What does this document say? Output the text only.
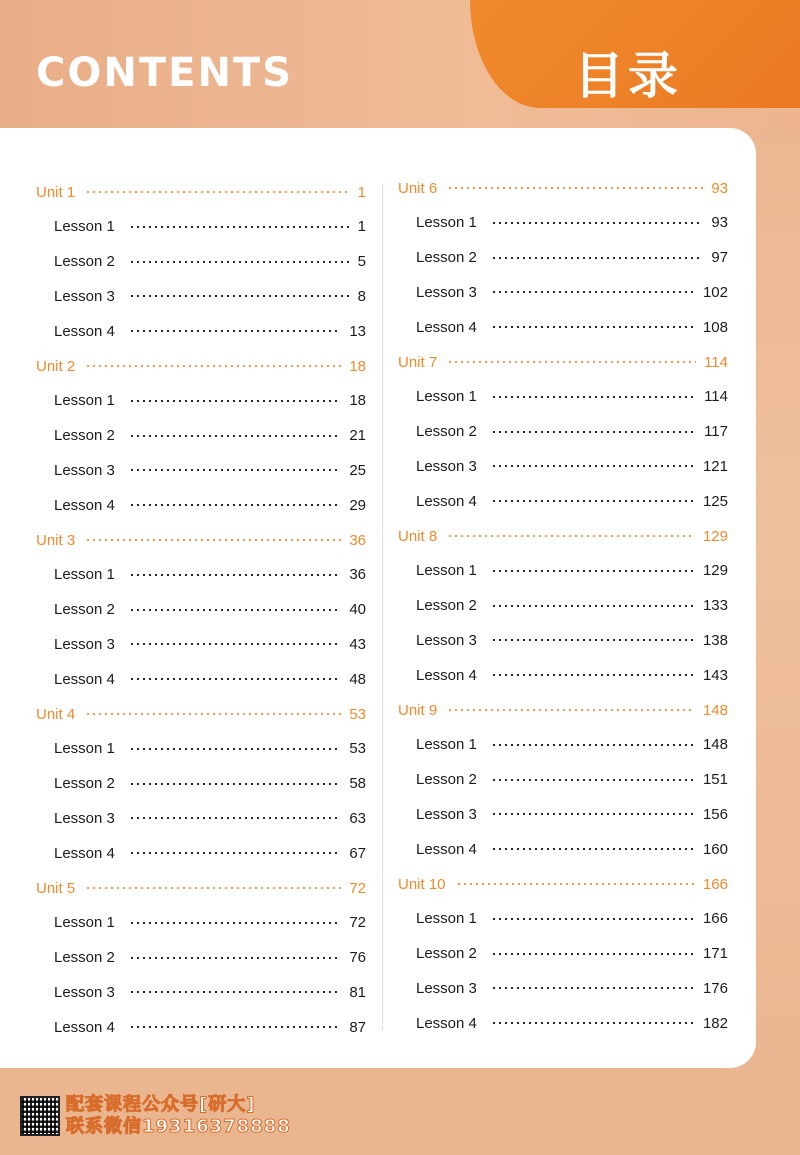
CONTENTS	目录
Unit 1	1
Lesson 1	1
Lesson 2	5
Lesson 3	8
Lesson 4	13
Unit 2	18
Lesson 1	18
Lesson 2	21
Lesson 3	25
Lesson 4	29
Unit 3	36
Lesson 1	36
Lesson 2	40
Lesson 3	43
Lesson 4	48
Unit 4	53
Lesson 1	53
Lesson 2	58
Lesson 3	63
Lesson 4	67
Unit 5	72
Lesson 1	72
Lesson 2	76
Lesson 3	81
Lesson 4	87
Unit 6	93
Lesson 1	93
Lesson 2	97
Lesson 3	102
Lesson 4	108
Unit 7	114
Lesson 1	114
Lesson 2	117
Lesson 3	121
Lesson 4	125
Unit 8	129
Lesson 1	129
Lesson 2	133
Lesson 3	138
Lesson 4	143
Unit 9	148
Lesson 1	148
Lesson 2	151
Lesson 3	156
Lesson 4	160
Unit 10	166
Lesson 1	166
Lesson 2	171
Lesson 3	176
Lesson 4	182
配套课程公众号[研大]
联系微信19316378888
